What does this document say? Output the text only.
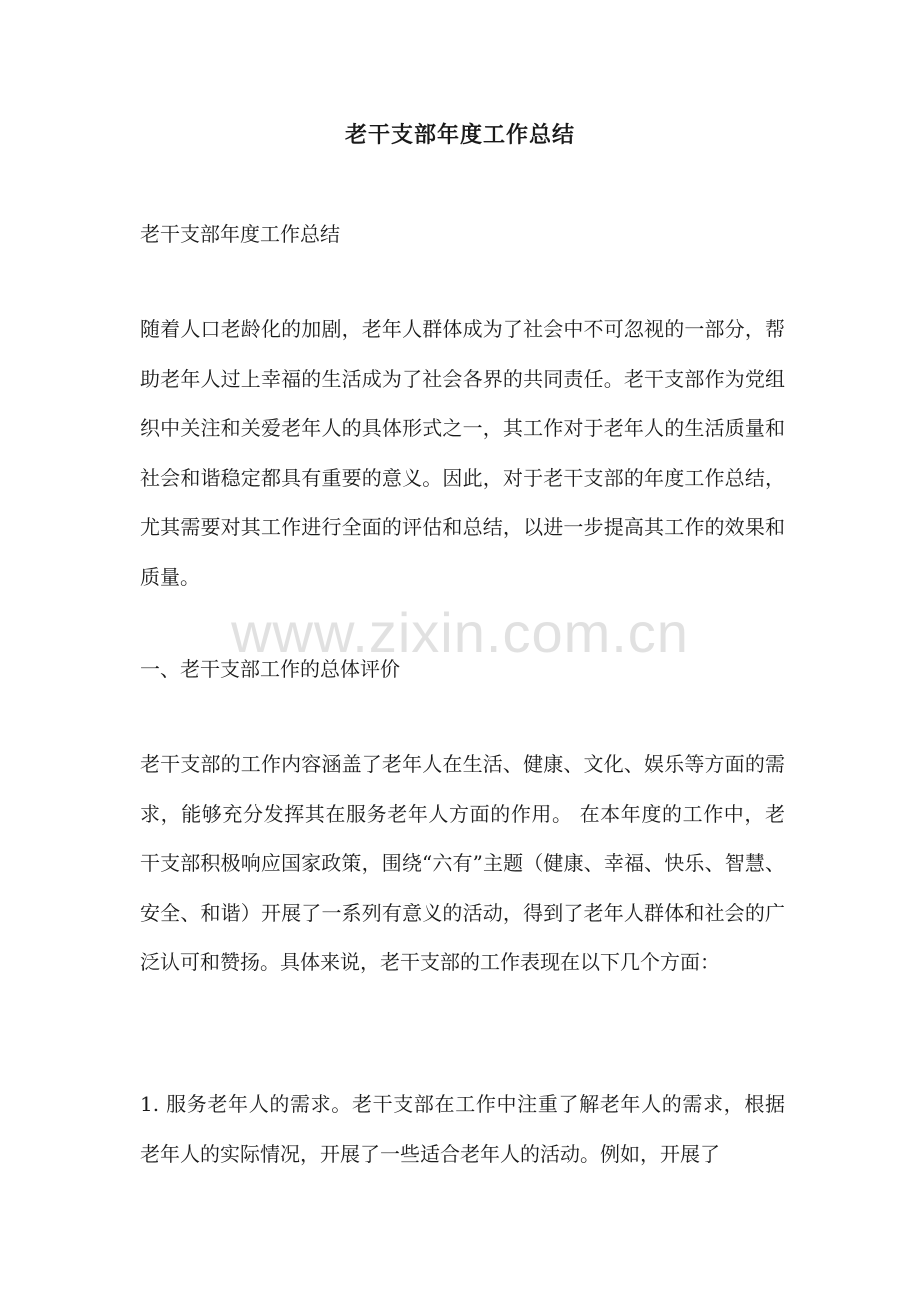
老干支部年度工作总结

老干支部年度工作总结

随着人口老龄化的加剧，老年人群体成为了社会中不可忽视的一部分，帮助老年人过上幸福的生活成为了社会各界的共同责任。老干支部作为党组织中关注和关爱老年人的具体形式之一，其工作对于老年人的生活质量和社会和谐稳定都具有重要的意义。因此，对于老干支部的年度工作总结，尤其需要对其工作进行全面的评估和总结，以进一步提高其工作的效果和质量。

一、老干支部工作的总体评价

老干支部的工作内容涵盖了老年人在生活、健康、文化、娱乐等方面的需求，能够充分发挥其在服务老年人方面的作用。 在本年度的工作中，老干支部积极响应国家政策，围绕“六有”主题（健康、幸福、快乐、智慧、安全、和谐）开展了一系列有意义的活动，得到了老年人群体和社会的广泛认可和赞扬。具体来说，老干支部的工作表现在以下几个方面：

1. 服务老年人的需求。老干支部在工作中注重了解老年人的需求，根据老年人的实际情况，开展了一些适合老年人的活动。例如，开展了

www.zixin.com.cn
